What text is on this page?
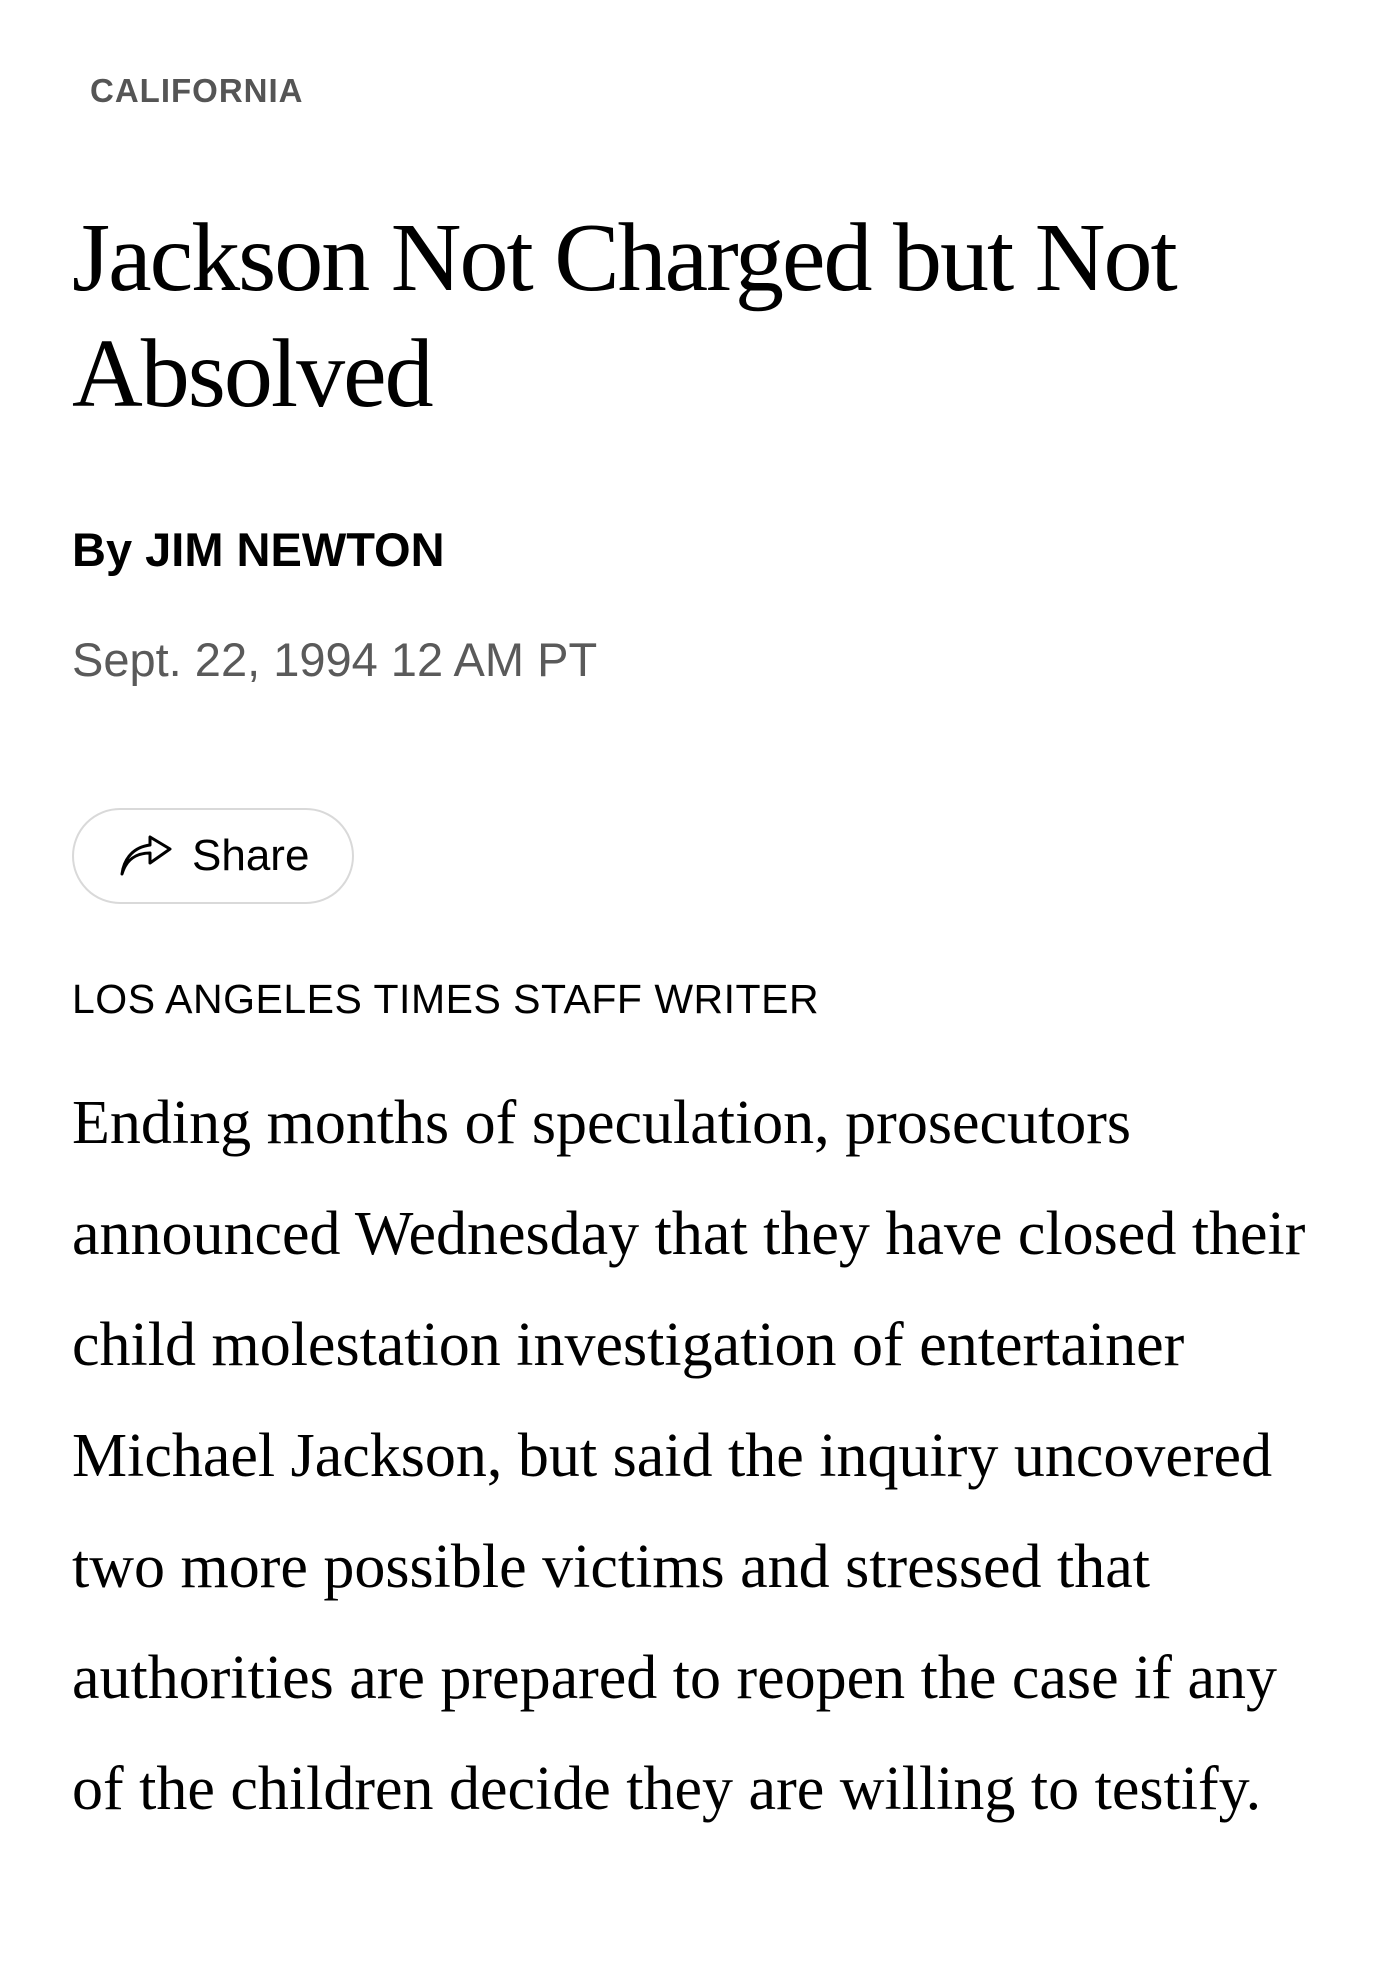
CALIFORNIA
Jackson Not Charged but Not Absolved
By JIM NEWTON
Sept. 22, 1994 12 AM PT
Share
LOS ANGELES TIMES STAFF WRITER

Ending months of speculation, prosecutors announced Wednesday that they have closed their child molestation investigation of entertainer Michael Jackson, but said the inquiry uncovered two more possible victims and stressed that authorities are prepared to reopen the case if any of the children decide they are willing to testify.
